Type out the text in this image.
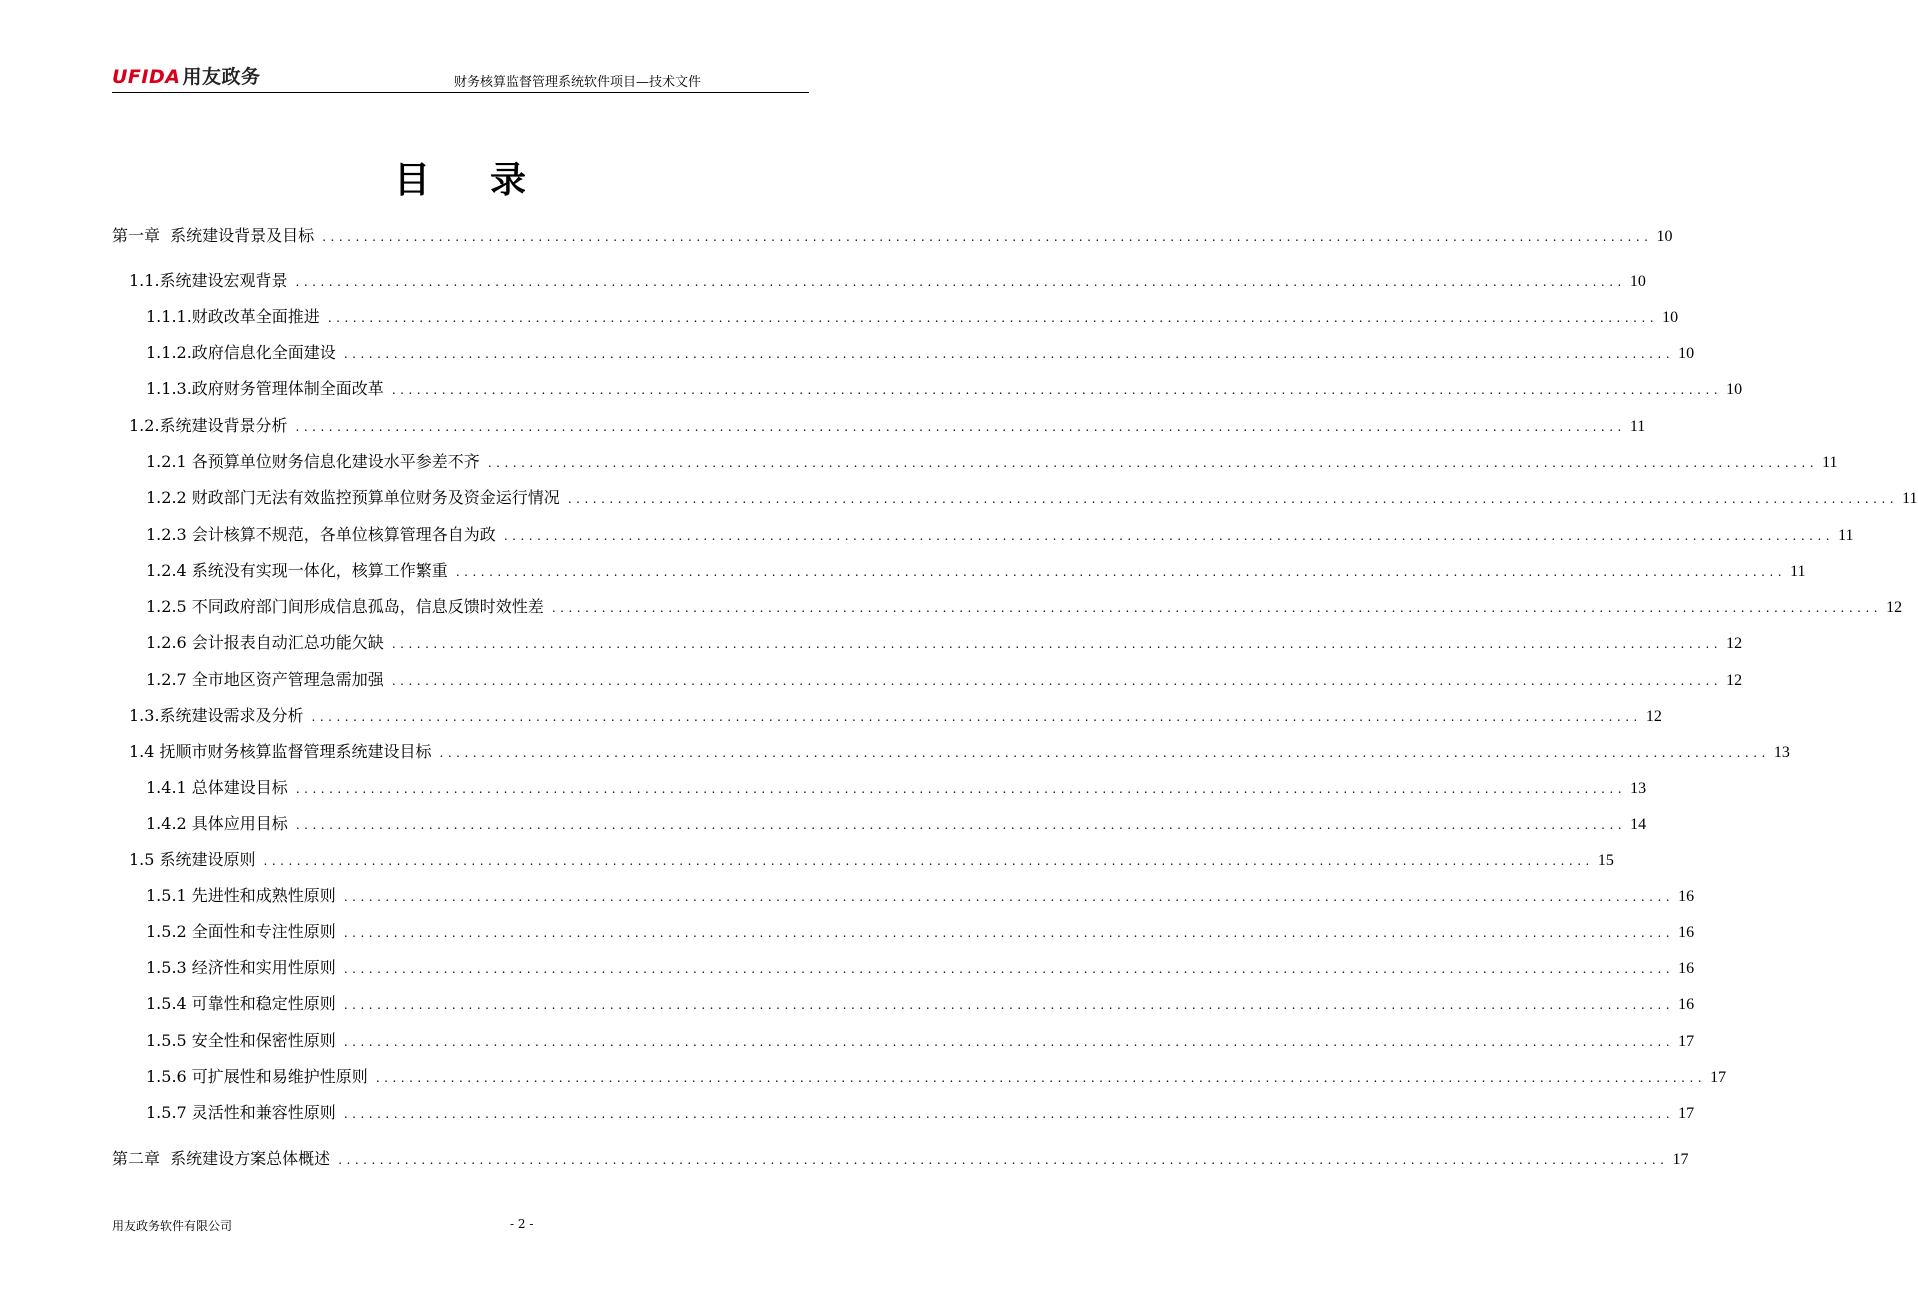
UFIDA 用友政务	财务核算监督管理系统软件项目—技术文件
目录
第一章  系统建设背景及目标 ................................................................................................................................................................ 10
1.1.系统建设宏观背景 ................................................................................................................................................................ 10
1.1.1.财政改革全面推进 ................................................................................................................................................................ 10
1.1.2.政府信息化全面建设 ................................................................................................................................................................ 10
1.1.3.政府财务管理体制全面改革 ................................................................................................................................................................ 10
1.2.系统建设背景分析 ................................................................................................................................................................ 11
1.2.1 各预算单位财务信息化建设水平参差不齐 ................................................................................................................................................................ 11
1.2.2 财政部门无法有效监控预算单位财务及资金运行情况 ................................................................................................................................................................ 11
1.2.3 会计核算不规范，各单位核算管理各自为政 ................................................................................................................................................................ 11
1.2.4 系统没有实现一体化，核算工作繁重 ................................................................................................................................................................ 11
1.2.5 不同政府部门间形成信息孤岛，信息反馈时效性差 ................................................................................................................................................................ 12
1.2.6 会计报表自动汇总功能欠缺 ................................................................................................................................................................ 12
1.2.7 全市地区资产管理急需加强 ................................................................................................................................................................ 12
1.3.系统建设需求及分析 ................................................................................................................................................................ 12
1.4 抚顺市财务核算监督管理系统建设目标 ................................................................................................................................................................ 13
1.4.1 总体建设目标 ................................................................................................................................................................ 13
1.4.2 具体应用目标 ................................................................................................................................................................ 14
1.5 系统建设原则 ................................................................................................................................................................ 15
1.5.1 先进性和成熟性原则 ................................................................................................................................................................ 16
1.5.2 全面性和专注性原则 ................................................................................................................................................................ 16
1.5.3 经济性和实用性原则 ................................................................................................................................................................ 16
1.5.4 可靠性和稳定性原则 ................................................................................................................................................................ 16
1.5.5 安全性和保密性原则 ................................................................................................................................................................ 17
1.5.6 可扩展性和易维护性原则 ................................................................................................................................................................ 17
1.5.7 灵活性和兼容性原则 ................................................................................................................................................................ 17
第二章  系统建设方案总体概述 ................................................................................................................................................................ 17
用友政务软件有限公司	- 2 -
